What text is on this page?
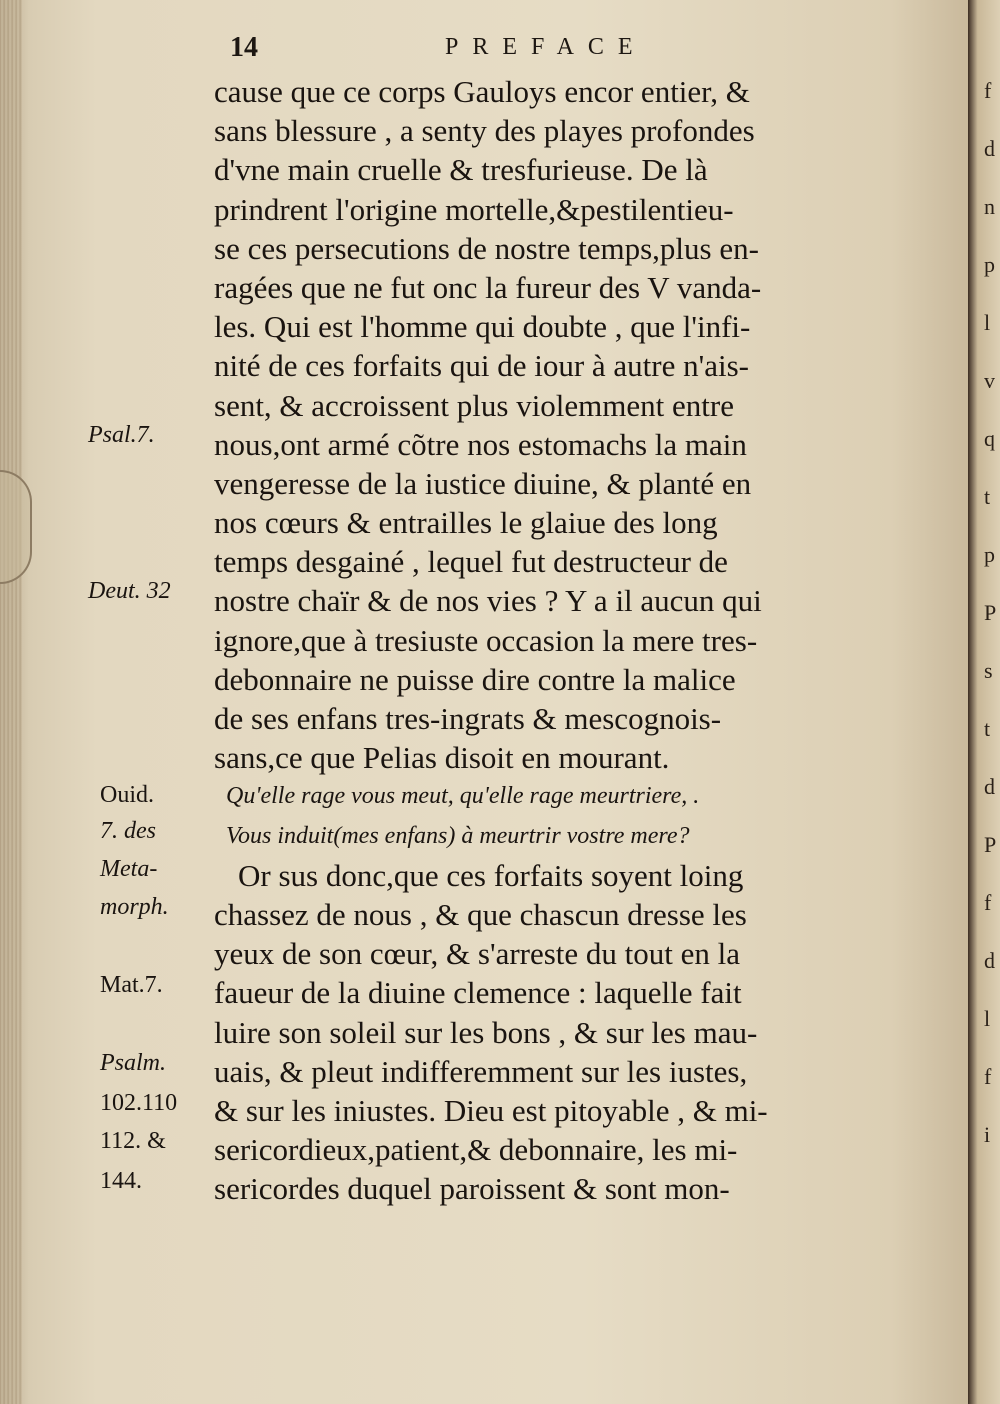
14	PREFACE
cause que ce corps Gauloys encor entier, &
sans blessure , a senty des playes profondes
d'vne main cruelle & tresfurieuse. De là
prindrent l'origine mortelle,&pestilentieu-
se ces persecutions de nostre temps,plus en-
ragées que ne fut onc la fureur des V vanda-
les. Qui est l'homme qui doubte , que l'infi-
nité de ces forfaits qui de iour à autre n'ais-
sent, & accroissent plus violemment entre
nous,ont armé cõtre nos estomachs la main
vengeresse de la iustice diuine, & planté en
nos cœurs & entrailles le glaiue des long
temps desgainé , lequel fut destructeur de
nostre chaïr & de nos vies ? Y a il aucun qui
ignore,que à tresiuste occasion la mere tres-
debonnaire ne puisse dire contre la malice
de ses enfans tres-ingrats & mescognois-
sans,ce que Pelias disoit en mourant.
Qu'elle rage vous meut, qu'elle rage meurtriere, .
Vous induit(mes enfans) à meurtrir vostre mere?
Or sus donc,que ces forfaits soyent loing
chassez de nous , & que chascun dresse les
yeux de son cœur, & s'arreste du tout en la
faueur de la diuine clemence : laquelle fait
luire son soleil sur les bons , & sur les mau-
uais, & pleut indifferemment sur les iustes,
& sur les iniustes. Dieu est pitoyable , & mi-
sericordieux,patient,& debonnaire, les mi-
sericordes duquel paroissent & sont mon-
Psal.7.
Deut. 32
Ouid.
7. des
Meta-
morph.
Mat.7.
Psalm.
102.110
112. &
144.
f
d
n
p
l
v
q
t
p
P
s
t
d
P
f
d
l
f
i
